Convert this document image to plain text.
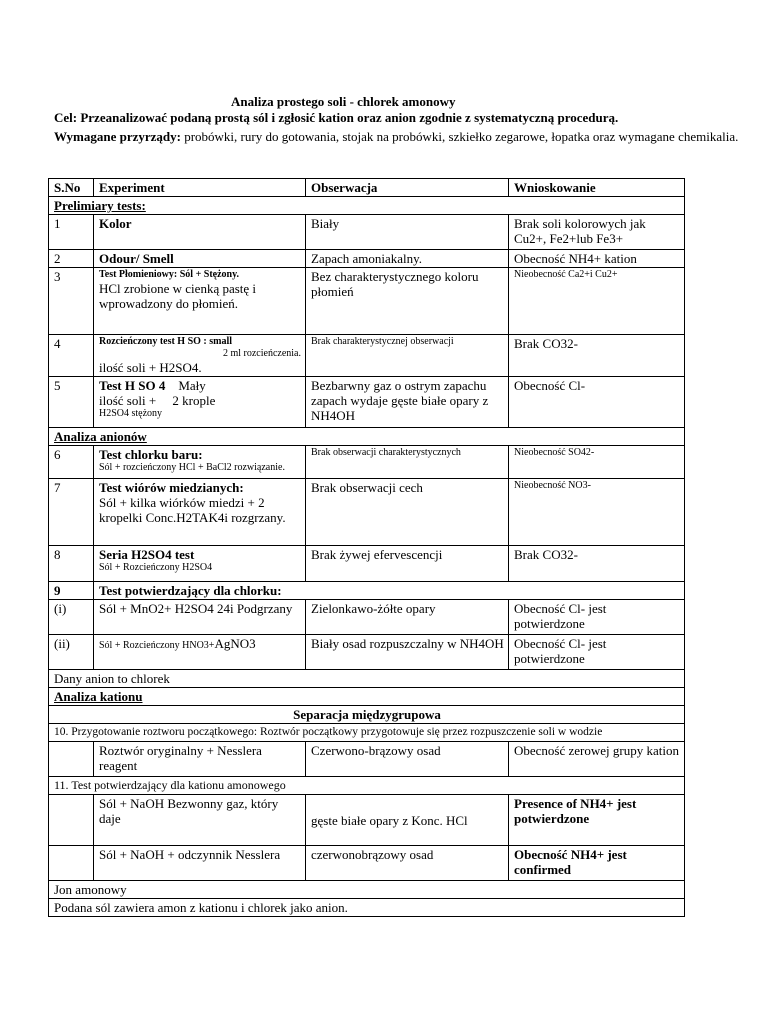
Analiza prostego soli - chlorek amonowy
Cel: Przeanalizować podaną prostą sól i zgłosić kation oraz anion zgodnie z systematyczną procedurą.
Wymagane przyrządy: probówki, rury do gotowania, stojak na probówki, szkiełko zegarowe, łopatka oraz wymagane chemikalia.
S.No	Experiment	Obserwacja	Wnioskowanie
Prelimiary tests:			
1	Kolor	Biały	Brak soli kolorowych jak Cu2+, Fe2+lub Fe3+
2	Odour/ Smell	Zapach amoniakalny.	Obecność NH4+ kation
3	Test Płomieniowy: Sól + Stężony.
HCl zrobione w cienką pastę i wprowadzony do płomień.	Bez charakterystycznego koloru płomień	Nieobecność Ca2+i Cu2+
4	Rozcieńczony test H SO : small
2 ml rozcieńczenia.
ilość soli + H2SO4.	Brak charakterystycznej obserwacji	Brak CO32-
5	Test H SO 4 Mały
ilość soli + 2 krople
H2SO4 stężony	Bezbarwny gaz o ostrym zapachu zapach wydaje gęste białe opary z NH4OH	Obecność Cl-
Analiza anionów			
6	Test chlorku baru:
Sól + rozcieńczony HCl + BaCl2 rozwiązanie.	Brak obserwacji charakterystycznych	Nieobecność SO42-
7	Test wiórów miedzianych:
Sól + kilka wiórków miedzi + 2 kropelki Conc.H2TAK4i rozgrzany.	Brak obserwacji cech	Nieobecność NO3-
8	Seria H2SO4 test
Sól + Rozcieńczony H2SO4	Brak żywej efervescencji	Brak CO32-
9	Test potwierdzający dla chlorku:		
(i)	Sól + MnO2+ H2SO4 24i Podgrzany	Zielonkawo-żółte opary	Obecność Cl- jest potwierdzone
(ii)	Sól + Rozcieńczony HNO3+AgNO3	Biały osad rozpuszczalny w NH4OH	Obecność Cl- jest potwierdzone
Dany anion to chlorek			
Analiza kationu			
Separacja międzygrupowa			
10. Przygotowanie roztworu początkowego: Roztwór początkowy przygotowuje się przez rozpuszczenie soli w wodzie			
	Roztwór oryginalny + Nesslera reagent	Czerwono-brązowy osad	Obecność zerowej grupy kation
11. Test potwierdzający dla kationu amonowego			
	Sól + NaOH Bezwonny gaz, który daje	gęste białe opary z Konc. HCl	Presence of NH4+ jest potwierdzone
	Sól + NaOH + odczynnik Nesslera	czerwonobrązowy osad	Obecność NH4+ jest confirmed
Jon amonowy			
Podana sól zawiera amon z kationu i chlorek jako anion.			
